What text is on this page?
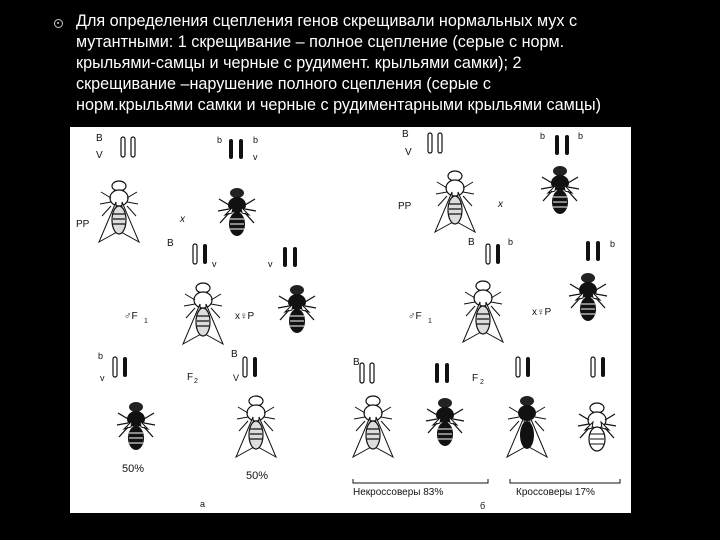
Для определения сцепления генов скрещивали нормальных мух с
мутантными: 1 скрещивание – полное сцепление (серые с норм.
крыльями-самцы и черные с рудимент. крыльями самки); 2
скрещивание –нарушение полного сцепления (серые с
норм.крыльями самки и черные с рудиментарными крыльями самцы)
B
V
b	b
v
PP	x
B
v	v
♂F 1	x♀P
b
v
B
V
F 2
50%
50%
а
B
V
b	b
PP	x
B	b	b
♂F 1
x♀P
B
F 2
Некроссоверы 83%	Кроссоверы 17%
б
